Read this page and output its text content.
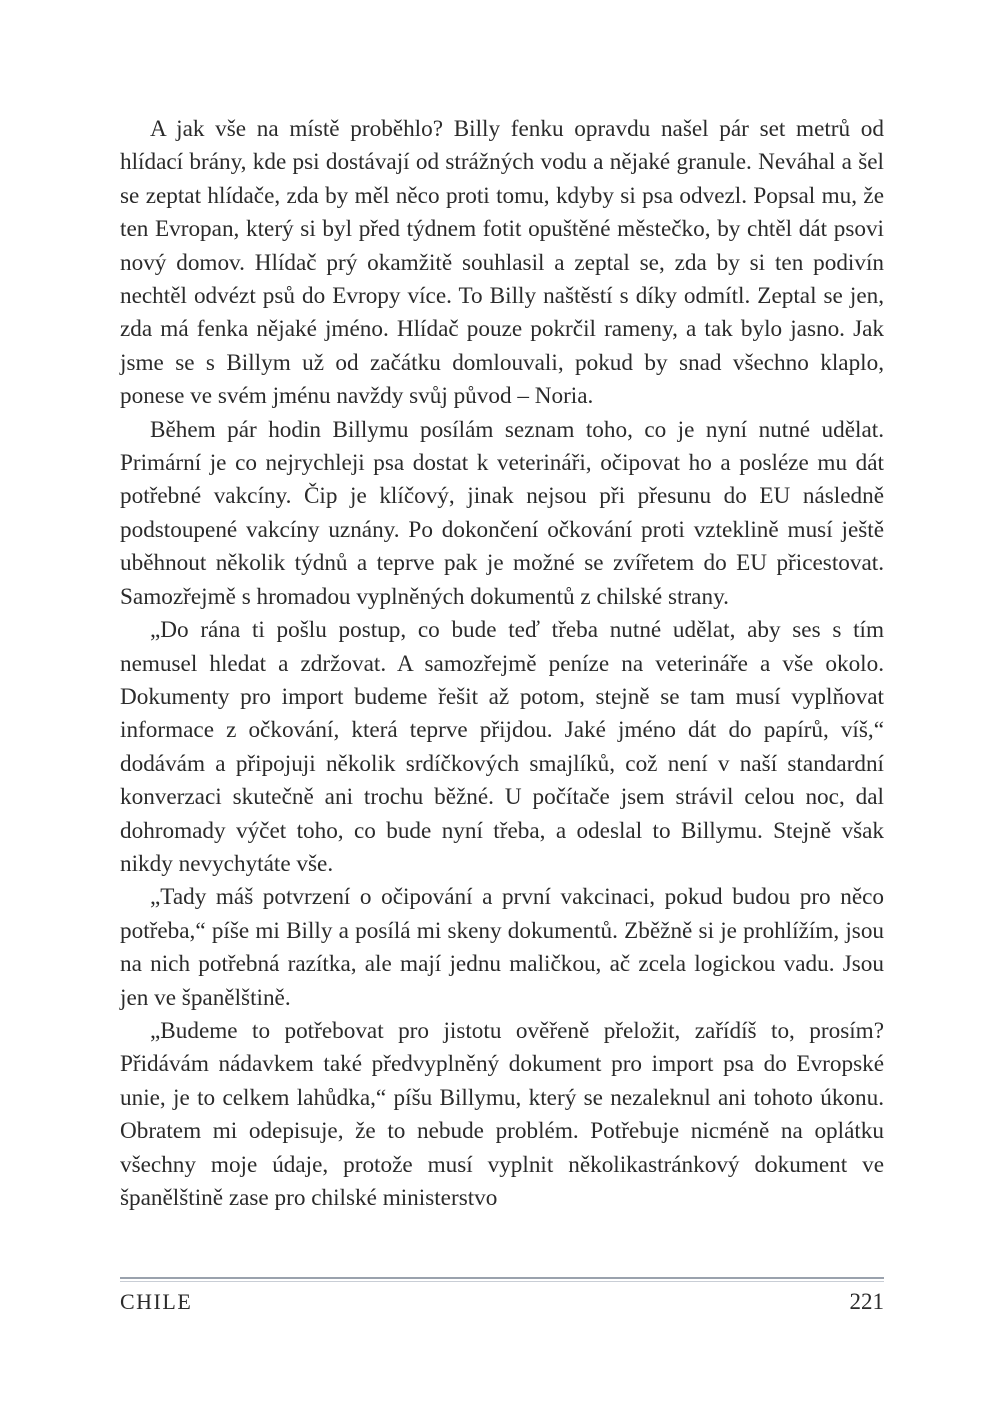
A jak vše na místě proběhlo? Billy fenku opravdu našel pár set metrů od hlídací brány, kde psi dostávají od strážných vodu a nějaké granule. Neváhal a šel se zeptat hlídače, zda by měl něco proti tomu, kdyby si psa odvezl. Popsal mu, že ten Evropan, který si byl před týdnem fotit opuštěné městečko, by chtěl dát psovi nový domov. Hlídač prý okamžitě souhlasil a zeptal se, zda by si ten podivín nechtěl odvézt psů do Evropy více. To Billy naštěstí s díky odmítl. Zeptal se jen, zda má fenka nějaké jméno. Hlídač pouze pokrčil rameny, a tak bylo jasno. Jak jsme se s Billym už od začátku domlouvali, pokud by snad všechno klaplo, ponese ve svém jménu navždy svůj původ – Noria.

Během pár hodin Billymu posílám seznam toho, co je nyní nutné udělat. Primární je co nejrychleji psa dostat k veterináři, očipovat ho a posléze mu dát potřebné vakcíny. Čip je klíčový, jinak nejsou při přesunu do EU následně podstoupené vakcíny uznány. Po dokončení očkování proti vzteklině musí ještě uběhnout několik týdnů a teprve pak je možné se zvířetem do EU přicestovat. Samozřejmě s hromadou vyplněných dokumentů z chilské strany.

„Do rána ti pošlu postup, co bude teď třeba nutné udělat, aby ses s tím nemusel hledat a zdržovat. A samozřejmě peníze na veterináře a vše okolo. Dokumenty pro import budeme řešit až potom, stejně se tam musí vyplňovat informace z očkování, která teprve přijdou. Jaké jméno dát do papírů, víš,“ dodávám a připojuji několik srdíčkových smajlíků, což není v naší standardní konverzaci skutečně ani trochu běžné. U počítače jsem strávil celou noc, dal dohromady výčet toho, co bude nyní třeba, a odeslal to Billymu. Stejně však nikdy nevychytáte vše.

„Tady máš potvrzení o očipování a první vakcinaci, pokud budou pro něco potřeba,“ píše mi Billy a posílá mi skeny dokumentů. Zběžně si je prohlížím, jsou na nich potřebná razítka, ale mají jednu maličkou, ač zcela logickou vadu. Jsou jen ve španělštině.

„Budeme to potřebovat pro jistotu ověřeně přeložit, zařídíš to, prosím? Přidávám nádavkem také předvyplněný dokument pro import psa do Evropské unie, je to celkem lahůdka,“ píšu Billymu, který se nezaleknul ani tohoto úkonu. Obratem mi odepisuje, že to nebude problém. Potřebuje nicméně na oplátku všechny moje údaje, protože musí vyplnit několikastránkový dokument ve španělštině zase pro chilské ministerstvo

CHILE	221
